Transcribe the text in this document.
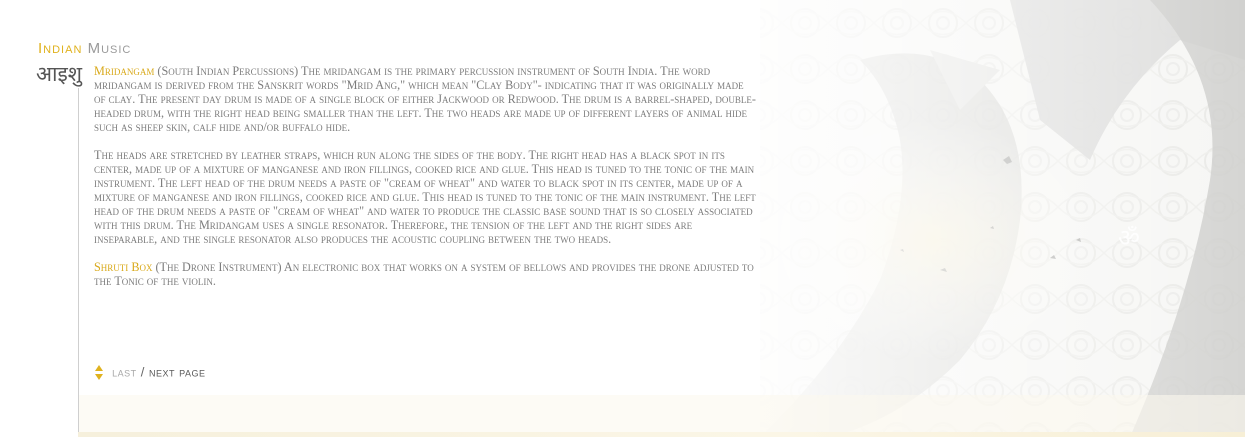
Indian Music
आइशु Mridangam (South Indian Percussions) The mridangam is the primary percussion instrument of South India. The word mridangam is derived from the Sanskrit words "Mrid Ang," which mean "Clay Body"- indicating that it was originally made of clay. The present day drum is made of a single block of either Jackwood or Redwood. The drum is a barrel-shaped, double-headed drum, with the right head being smaller than the left. The two heads are made up of different layers of animal hide such as sheep skin, calf hide and/or buffalo hide.

The heads are stretched by leather straps, which run along the sides of the body. The right head has a black spot in its center, made up of a mixture of manganese and iron fillings, cooked rice and glue. This head is tuned to the tonic of the main instrument. The left head of the drum needs a paste of "cream of wheat" and water to black spot in its center, made up of a mixture of manganese and iron fillings, cooked rice and glue. This head is tuned to the tonic of the main instrument. The left head of the drum needs a paste of "cream of wheat" and water to produce the classic base sound that is so closely associated with this drum. The Mridangam uses a single resonator. Therefore, the tension of the left and the right sides are inseparable, and the single resonator also produces the acoustic coupling between the two heads.

Shruti Box (The Drone Instrument) An electronic box that works on a system of bellows and provides the drone adjusted to the Tonic of the violin.

last / next page
